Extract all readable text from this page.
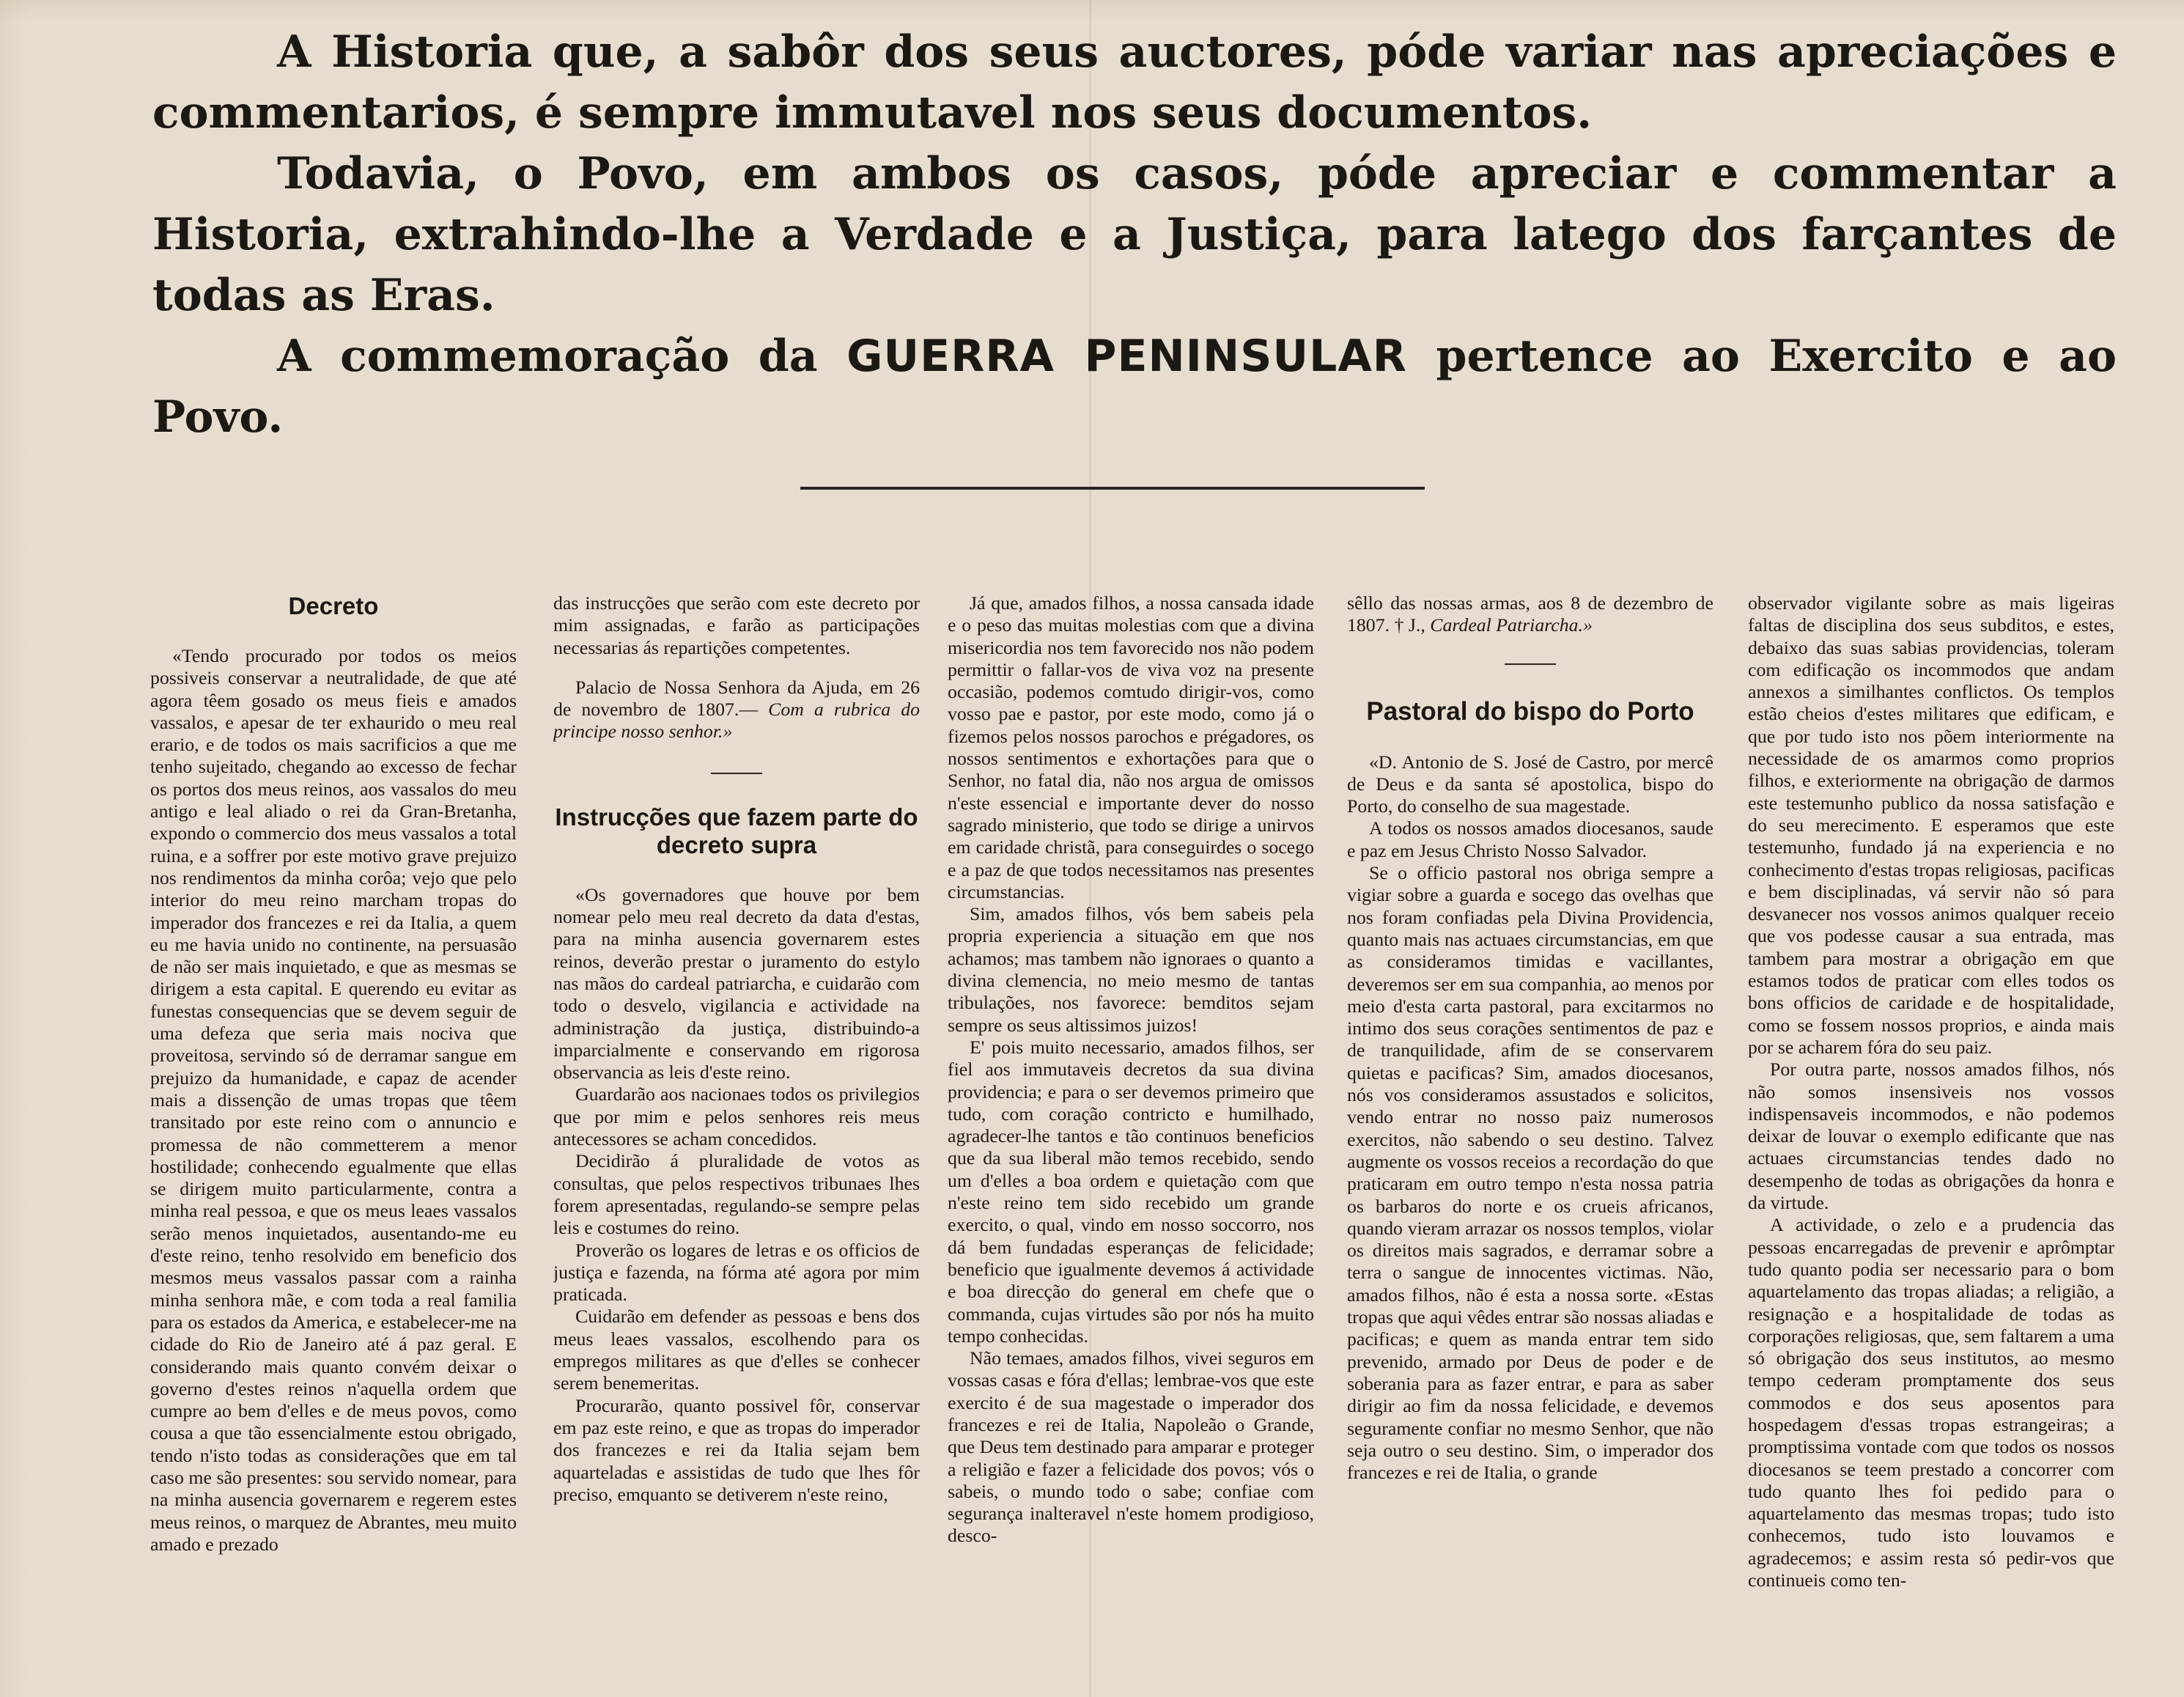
A Historia que, a sabôr dos seus auctores, póde variar nas apreciações e commentarios, é sempre immutavel nos seus documentos.

Todavia, o Povo, em ambos os casos, póde apreciar e commentar a Historia, extrahindo-lhe a Verdade e a Justiça, para latego dos farçantes de todas as Eras.

A commemoração da GUERRA PENINSULAR pertence ao Exercito e ao Povo.

Decreto

«Tendo procurado por todos os meios possiveis conservar a neutralidade, de que até agora têem gosado os meus fieis e amados vassalos, e apesar de ter exhaurido o meu real erario, e de todos os mais sacrificios a que me tenho sujeitado, chegando ao excesso de fechar os portos dos meus reinos, aos vassalos do meu antigo e leal aliado o rei da Gran-Bretanha, expondo o commercio dos meus vassalos a total ruina, e a soffrer por este motivo grave prejuizo nos rendimentos da minha corôa; vejo que pelo interior do meu reino marcham tropas do imperador dos francezes e rei da Italia, a quem eu me havia unido no continente, na persuasão de não ser mais inquietado, e que as mesmas se dirigem a esta capital. E querendo eu evitar as funestas consequencias que se devem seguir de uma defeza que seria mais nociva que proveitosa, servindo só de derramar sangue em prejuizo da humanidade, e capaz de acender mais a dissenção de umas tropas que têem transitado por este reino com o annuncio e promessa de não commetterem a menor hostilidade; conhecendo egualmente que ellas se dirigem muito particularmente, contra a minha real pessoa, e que os meus leaes vassalos serão menos inquietados, ausentando-me eu d'este reino, tenho resolvido em beneficio dos mesmos meus vassalos passar com a rainha minha senhora mãe, e com toda a real familia para os estados da America, e estabelecer-me na cidade do Rio de Janeiro até á paz geral. E considerando mais quanto convém deixar o governo d'estes reinos n'aquella ordem que cumpre ao bem d'elles e de meus povos, como cousa a que tão essencialmente estou obrigado, tendo n'isto todas as considerações que em tal caso me são presentes: sou servido nomear, para na minha ausencia governarem e regerem estes meus reinos, o marquez de Abrantes, meu muito amado e prezado

das instrucções que serão com este decreto por mim assignadas, e farão as participações necessarias ás repartições competentes.

Palacio de Nossa Senhora da Ajuda, em 26 de novembro de 1807.— Com a rubrica do principe nosso senhor.»

Instrucções que fazem parte do decreto supra

«Os governadores que houve por bem nomear pelo meu real decreto da data d'estas, para na minha ausencia governarem estes reinos, deverão prestar o juramento do estylo nas mãos do cardeal patriarcha, e cuidarão com todo o desvelo, vigilancia e actividade na administração da justiça, distribuindo-a imparcialmente e conservando em rigorosa observancia as leis d'este reino.

Guardarão aos nacionaes todos os privilegios que por mim e pelos senhores reis meus antecessores se acham concedidos.

Decidirão á pluralidade de votos as consultas, que pelos respectivos tribunaes lhes forem apresentadas, regulando-se sempre pelas leis e costumes do reino.

Proverão os logares de letras e os officios de justiça e fazenda, na fórma até agora por mim praticada.

Cuidarão em defender as pessoas e bens dos meus leaes vassalos, escolhendo para os empregos militares as que d'elles se conhecer serem benemeritas.

Procurarão, quanto possivel fôr, conservar em paz este reino, e que as tropas do imperador dos francezes e rei da Italia sejam bem aquarteladas e assistidas de tudo que lhes fôr preciso, emquanto se detiverem n'este reino,

Já que, amados filhos, a nossa cansada idade e o peso das muitas molestias com que a divina misericordia nos tem favorecido nos não podem permittir o fallar-vos de viva voz na presente occasião, podemos comtudo dirigir-vos, como vosso pae e pastor, por este modo, como já o fizemos pelos nossos parochos e prégadores, os nossos sentimentos e exhortações para que o Senhor, no fatal dia, não nos argua de omissos n'este essencial e importante dever do nosso sagrado ministerio, que todo se dirige a unirvos em caridade christã, para conseguirdes o socego e a paz de que todos necessitamos nas presentes circumstancias.

Sim, amados filhos, vós bem sabeis pela propria experiencia a situação em que nos achamos; mas tambem não ignoraes o quanto a divina clemencia, no meio mesmo de tantas tribulações, nos favorece: bemditos sejam sempre os seus altissimos juizos!

E' pois muito necessario, amados filhos, ser fiel aos immutaveis decretos da sua divina providencia; e para o ser devemos primeiro que tudo, com coração contricto e humilhado, agradecer-lhe tantos e tão continuos beneficios que da sua liberal mão temos recebido, sendo um d'elles a boa ordem e quietação com que n'este reino tem sido recebido um grande exercito, o qual, vindo em nosso soccorro, nos dá bem fundadas esperanças de felicidade; beneficio que igualmente devemos á actividade e boa direcção do general em chefe que o commanda, cujas virtudes são por nós ha muito tempo conhecidas.

Não temaes, amados filhos, vivei seguros em vossas casas e fóra d'ellas; lembrae-vos que este exercito é de sua magestade o imperador dos francezes e rei de Italia, Napoleão o Grande, que Deus tem destinado para amparar e proteger a religião e fazer a felicidade dos povos; vós o sabeis, o mundo todo o sabe; confiae com segurança inalteravel n'este homem prodigioso, desco-

sêllo das nossas armas, aos 8 de dezembro de 1807. † J., Cardeal Patriarcha.»

Pastoral do bispo do Porto

«D. Antonio de S. José de Castro, por mercê de Deus e da santa sé apostolica, bispo do Porto, do conselho de sua magestade.

A todos os nossos amados diocesanos, saude e paz em Jesus Christo Nosso Salvador.

Se o officio pastoral nos obriga sempre a vigiar sobre a guarda e socego das ovelhas que nos foram confiadas pela Divina Providencia, quanto mais nas actuaes circumstancias, em que as consideramos timidas e vacillantes, deveremos ser em sua companhia, ao menos por meio d'esta carta pastoral, para excitarmos no intimo dos seus corações sentimentos de paz e de tranquilidade, afim de se conservarem quietas e pacificas? Sim, amados diocesanos, nós vos consideramos assustados e solicitos, vendo entrar no nosso paiz numerosos exercitos, não sabendo o seu destino. Talvez augmente os vossos receios a recordação do que praticaram em outro tempo n'esta nossa patria os barbaros do norte e os crueis africanos, quando vieram arrazar os nossos templos, violar os direitos mais sagrados, e derramar sobre a terra o sangue de innocentes victimas. Não, amados filhos, não é esta a nossa sorte. «Estas tropas que aqui vêdes entrar são nossas aliadas e pacificas; e quem as manda entrar tem sido prevenido, armado por Deus de poder e de soberania para as fazer entrar, e para as saber dirigir ao fim da nossa felicidade, e devemos seguramente confiar no mesmo Senhor, que não seja outro o seu destino. Sim, o imperador dos francezes e rei de Italia, o grande

observador vigilante sobre as mais ligeiras faltas de disciplina dos seus subditos, e estes, debaixo das suas sabias providencias, toleram com edificação os incommodos que andam annexos a similhantes conflictos. Os templos estão cheios d'estes militares que edificam, e que por tudo isto nos põem interiormente na necessidade de os amarmos como proprios filhos, e exteriormente na obrigação de darmos este testemunho publico da nossa satisfação e do seu merecimento. E esperamos que este testemunho, fundado já na experiencia e no conhecimento d'estas tropas religiosas, pacificas e bem disciplinadas, vá servir não só para desvanecer nos vossos animos qualquer receio que vos podesse causar a sua entrada, mas tambem para mostrar a obrigação em que estamos todos de praticar com elles todos os bons officios de caridade e de hospitalidade, como se fossem nossos proprios, e ainda mais por se acharem fóra do seu paiz.

Por outra parte, nossos amados filhos, nós não somos insensiveis nos vossos indispensaveis incommodos, e não podemos deixar de louvar o exemplo edificante que nas actuaes circumstancias tendes dado no desempenho de todas as obrigações da honra e da virtude.

A actividade, o zelo e a prudencia das pessoas encarregadas de prevenir e aprômptar tudo quanto podia ser necessario para o bom aquartelamento das tropas aliadas; a religião, a resignação e a hospitalidade de todas as corporações religiosas, que, sem faltarem a uma só obrigação dos seus institutos, ao mesmo tempo cederam promptamente dos seus commodos e dos seus aposentos para hospedagem d'essas tropas estrangeiras; a promptissima vontade com que todos os nossos diocesanos se teem prestado a concorrer com tudo quanto lhes foi pedido para o aquartelamento das mesmas tropas; tudo isto conhecemos, tudo isto louvamos e agradecemos; e assim resta só pedir-vos que continueis como ten-
